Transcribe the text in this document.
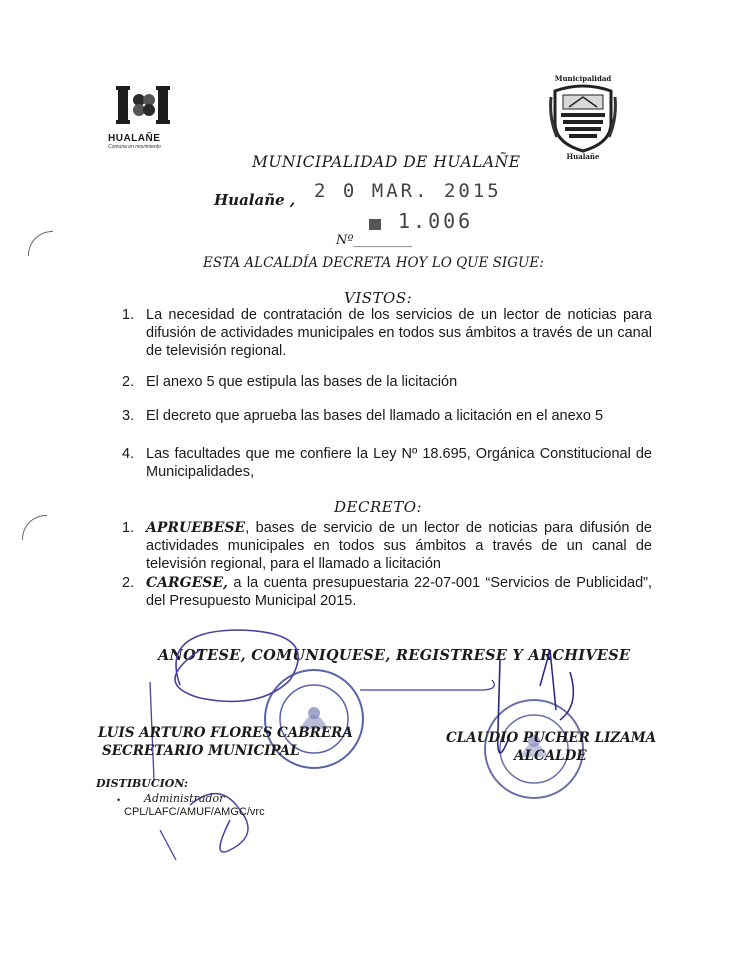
HUALAÑE
Comuna en movimiento
Municipalidad
Hualañe
MUNICIPALIDAD DE HUALAÑE
Hualañe , 2 0 MAR. 2015
Nº_________
1.006
ESTA ALCALDÍA DECRETA HOY LO QUE SIGUE:
VISTOS:
1. La necesidad de contratación de los servicios de un lector de noticias para difusión de actividades municipales en todos sus ámbitos a través de un canal de televisión regional.
2. El anexo 5 que estipula las bases de la licitación
3. El decreto que aprueba las bases del llamado a licitación en el anexo 5
4. Las facultades que me confiere la Ley Nº 18.695, Orgánica Constitucional de Municipalidades,
DECRETO:
1. APRUEBESE, bases de servicio de un lector de noticias para difusión de actividades municipales en todos sus ámbitos a través de un canal de televisión regional, para el llamado a licitación
2. CARGESE, a la cuenta presupuestaria 22-07-001 “Servicios de Publicidad”, del Presupuesto Municipal 2015.
ANOTESE, COMUNIQUESE, REGISTRESE Y ARCHIVESE
LUIS ARTURO FLORES CABRERA
SECRETARIO MUNICIPAL
CLAUDIO PUCHER LIZAMA
ALCALDE
DISTIBUCION:
• Administrador
CPL/LAFC/AMUF/AMGC/vrc
